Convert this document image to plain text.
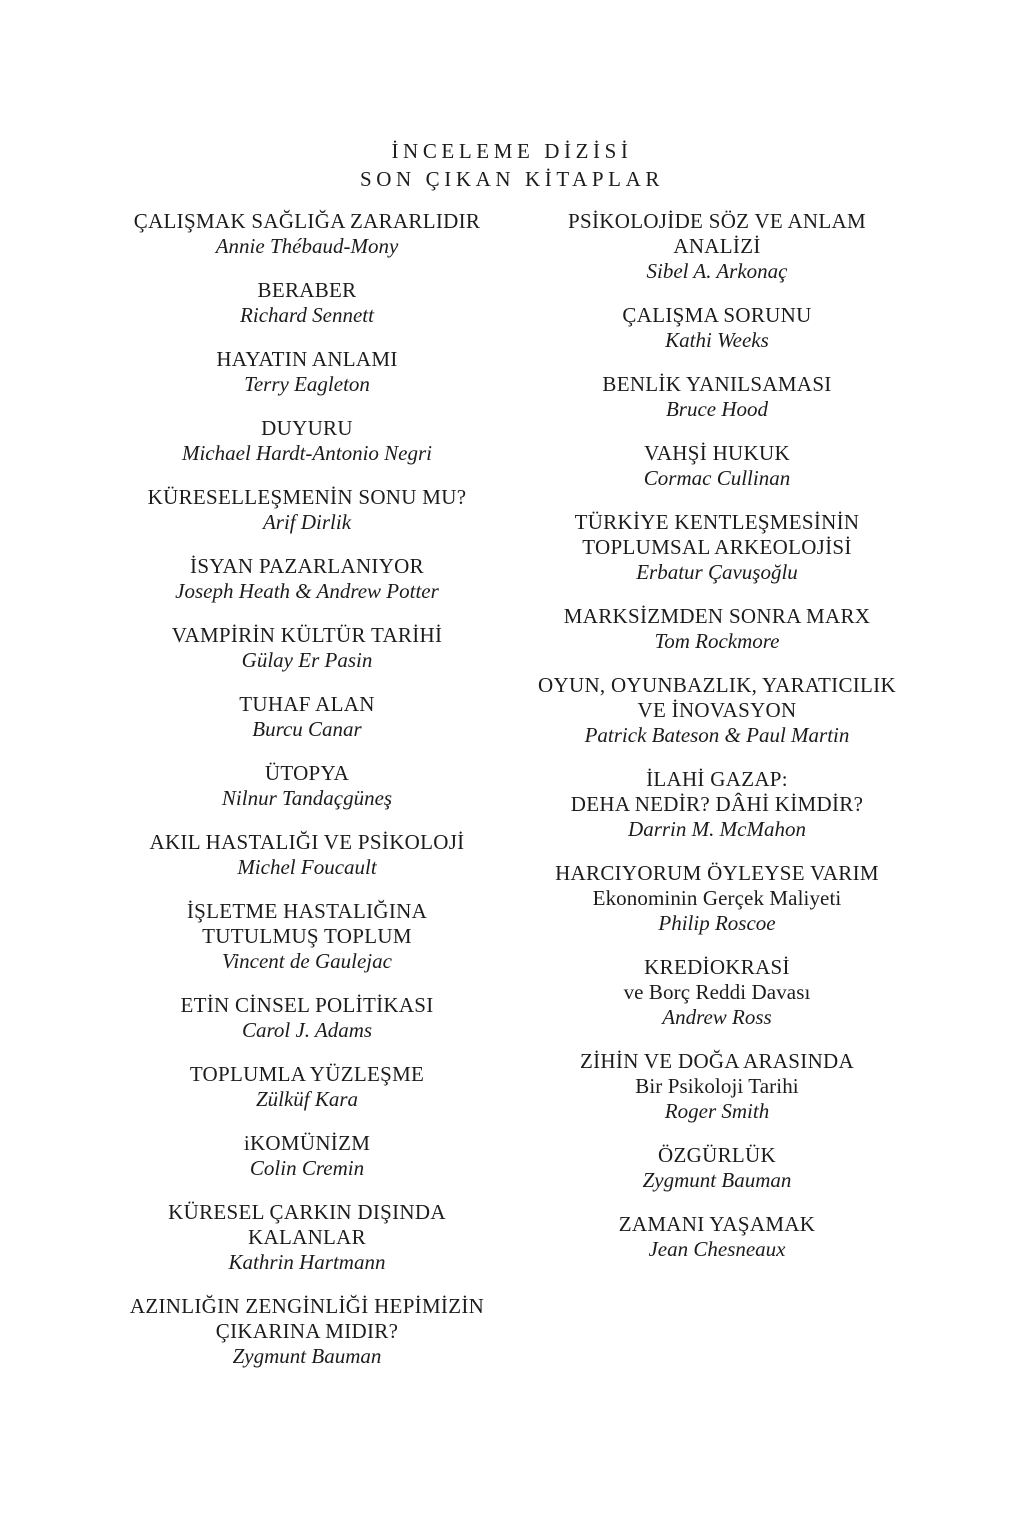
İNCELEME DİZİSİ
SON ÇIKAN KİTAPLAR
ÇALIŞMAK SAĞLIĞA ZARARLIDIR
Annie Thébaud-Mony
BERABER
Richard Sennett
HAYATIN ANLAMI
Terry Eagleton
DUYURU
Michael Hardt-Antonio Negri
KÜRESELLEŞMENİN SONU MU?
Arif Dirlik
İSYAN PAZARLANIYOR
Joseph Heath & Andrew Potter
VAMPİRİN KÜLTÜR TARİHİ
Gülay Er Pasin
TUHAF ALAN
Burcu Canar
ÜTOPYA
Nilnur Tandaçgüneş
AKIL HASTALIĞI VE PSİKOLOJİ
Michel Foucault
İŞLETME HASTALIĞINA
TUTULMUŞ TOPLUM
Vincent de Gaulejac
ETİN CİNSEL POLİTİKASI
Carol J. Adams
TOPLUMLA YÜZLEŞME
Zülküf Kara
iKOMÜNİZM
Colin Cremin
KÜRESEL ÇARKIN DIŞINDA
KALANLAR
Kathrin Hartmann
AZINLIĞIN ZENGİNLİĞİ HEPİMİZİN
ÇIKARINA MIDIR?
Zygmunt Bauman
PSİKOLOJİDE SÖZ VE ANLAM
ANALİZİ
Sibel A. Arkonaç
ÇALIŞMA SORUNU
Kathi Weeks
BENLİK YANILSAMASI
Bruce Hood
VAHŞİ HUKUK
Cormac Cullinan
TÜRKİYE KENTLEŞMESİNİN
TOPLUMSAL ARKEOLOJİSİ
Erbatur Çavuşoğlu
MARKSİZMDEN SONRA MARX
Tom Rockmore
OYUN, OYUNBAZLIK, YARATICILIK
VE İNOVASYON
Patrick Bateson & Paul Martin
İLAHİ GAZAP:
DEHA NEDİR? DÂHİ KİMDİR?
Darrin M. McMahon
HARCIYORUM ÖYLEYSE VARIM
Ekonominin Gerçek Maliyeti
Philip Roscoe
KREDİOKRASİ
ve Borç Reddi Davası
Andrew Ross
ZİHİN VE DOĞA ARASINDA
Bir Psikoloji Tarihi
Roger Smith
ÖZGÜRLÜK
Zygmunt Bauman
ZAMANI YAŞAMAK
Jean Chesneaux
